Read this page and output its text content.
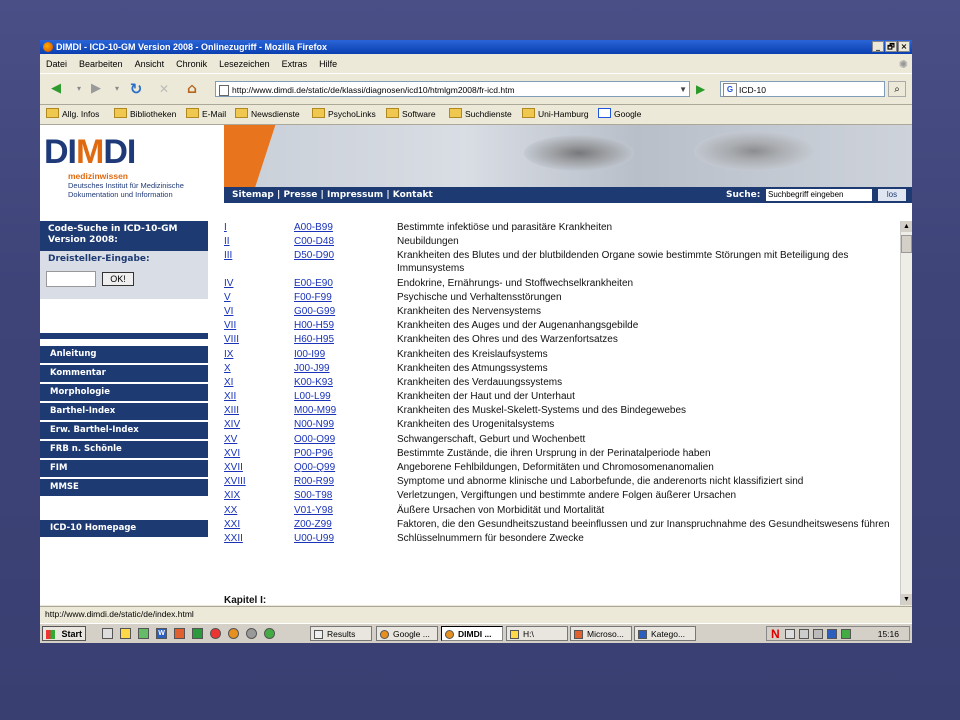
DIMDI - ICD-10-GM Version 2008 - Onlinezugriff - Mozilla Firefox	_ 🗗 ×
Datei Bearbeiten Ansicht Chronik Lesezeichen Extras Hilfe	✺
◀	▾ ▶	▾ ↻	✕	⌂	http://www.dimdi.de/static/de/klassi/diagnosen/icd10/htmlgm2008/fr-icd.htm	▼ ▶	G ICD-10	⌕
Allg. Infos	Bibliotheken	E-Mail	Newsdienste	PsychoLinks	Software	Suchdienste	Uni-Hamburg	Google
DIMDI
medizinwissen
Deutsches Institut für Medizinische
Dokumentation und Information	Sitemap | Presse | Impressum | Kontakt	Suche: Suchbegriff eingeben	los
Code-Suche in ICD-10-GM Version 2008:
Dreisteller-Eingabe:
OK!
Anleitung
Kommentar
Morphologie
Barthel-Index
Erw. Barthel-Index
FRB n. Schönle
FIM
MMSE
ICD-10 Homepage
I	A00-B99	Bestimmte infektiöse und parasitäre Krankheiten
II	C00-D48	Neubildungen
III	D50-D90	Krankheiten des Blutes und der blutbildenden Organe sowie bestimmte Störungen mit Beteiligung des Immunsystems
IV	E00-E90	Endokrine, Ernährungs- und Stoffwechselkrankheiten
V	F00-F99	Psychische und Verhaltensstörungen
VI	G00-G99	Krankheiten des Nervensystems
VII	H00-H59	Krankheiten des Auges und der Augenanhangsgebilde
VIII	H60-H95	Krankheiten des Ohres und des Warzenfortsatzes
IX	I00-I99	Krankheiten des Kreislaufsystems
X	J00-J99	Krankheiten des Atmungssystems
XI	K00-K93	Krankheiten des Verdauungssystems
XII	L00-L99	Krankheiten der Haut und der Unterhaut
XIII	M00-M99	Krankheiten des Muskel-Skelett-Systems und des Bindegewebes
XIV	N00-N99	Krankheiten des Urogenitalsystems
XV	O00-O99	Schwangerschaft, Geburt und Wochenbett
XVI	P00-P96	Bestimmte Zustände, die ihren Ursprung in der Perinatalperiode haben
XVII	Q00-Q99	Angeborene Fehlbildungen, Deformitäten und Chromosomenanomalien
XVIII	R00-R99	Symptome und abnorme klinische und Laborbefunde, die anderenorts nicht klassifiziert sind
XIX	S00-T98	Verletzungen, Vergiftungen und bestimmte andere Folgen äußerer Ursachen
XX	V01-Y98	Äußere Ursachen von Morbidität und Mortalität
XXI	Z00-Z99	Faktoren, die den Gesundheitszustand beeinflussen und zur Inanspruchnahme des Gesundheitswesens führen
XXII	U00-U99	Schlüsselnummern für besondere Zwecke
Kapitel I:
▲
▼
http://www.dimdi.de/static/de/index.html
Start	W	Results	Google ...	DIMDI ...	H:\	Microso...	Katego...	N	15:16
